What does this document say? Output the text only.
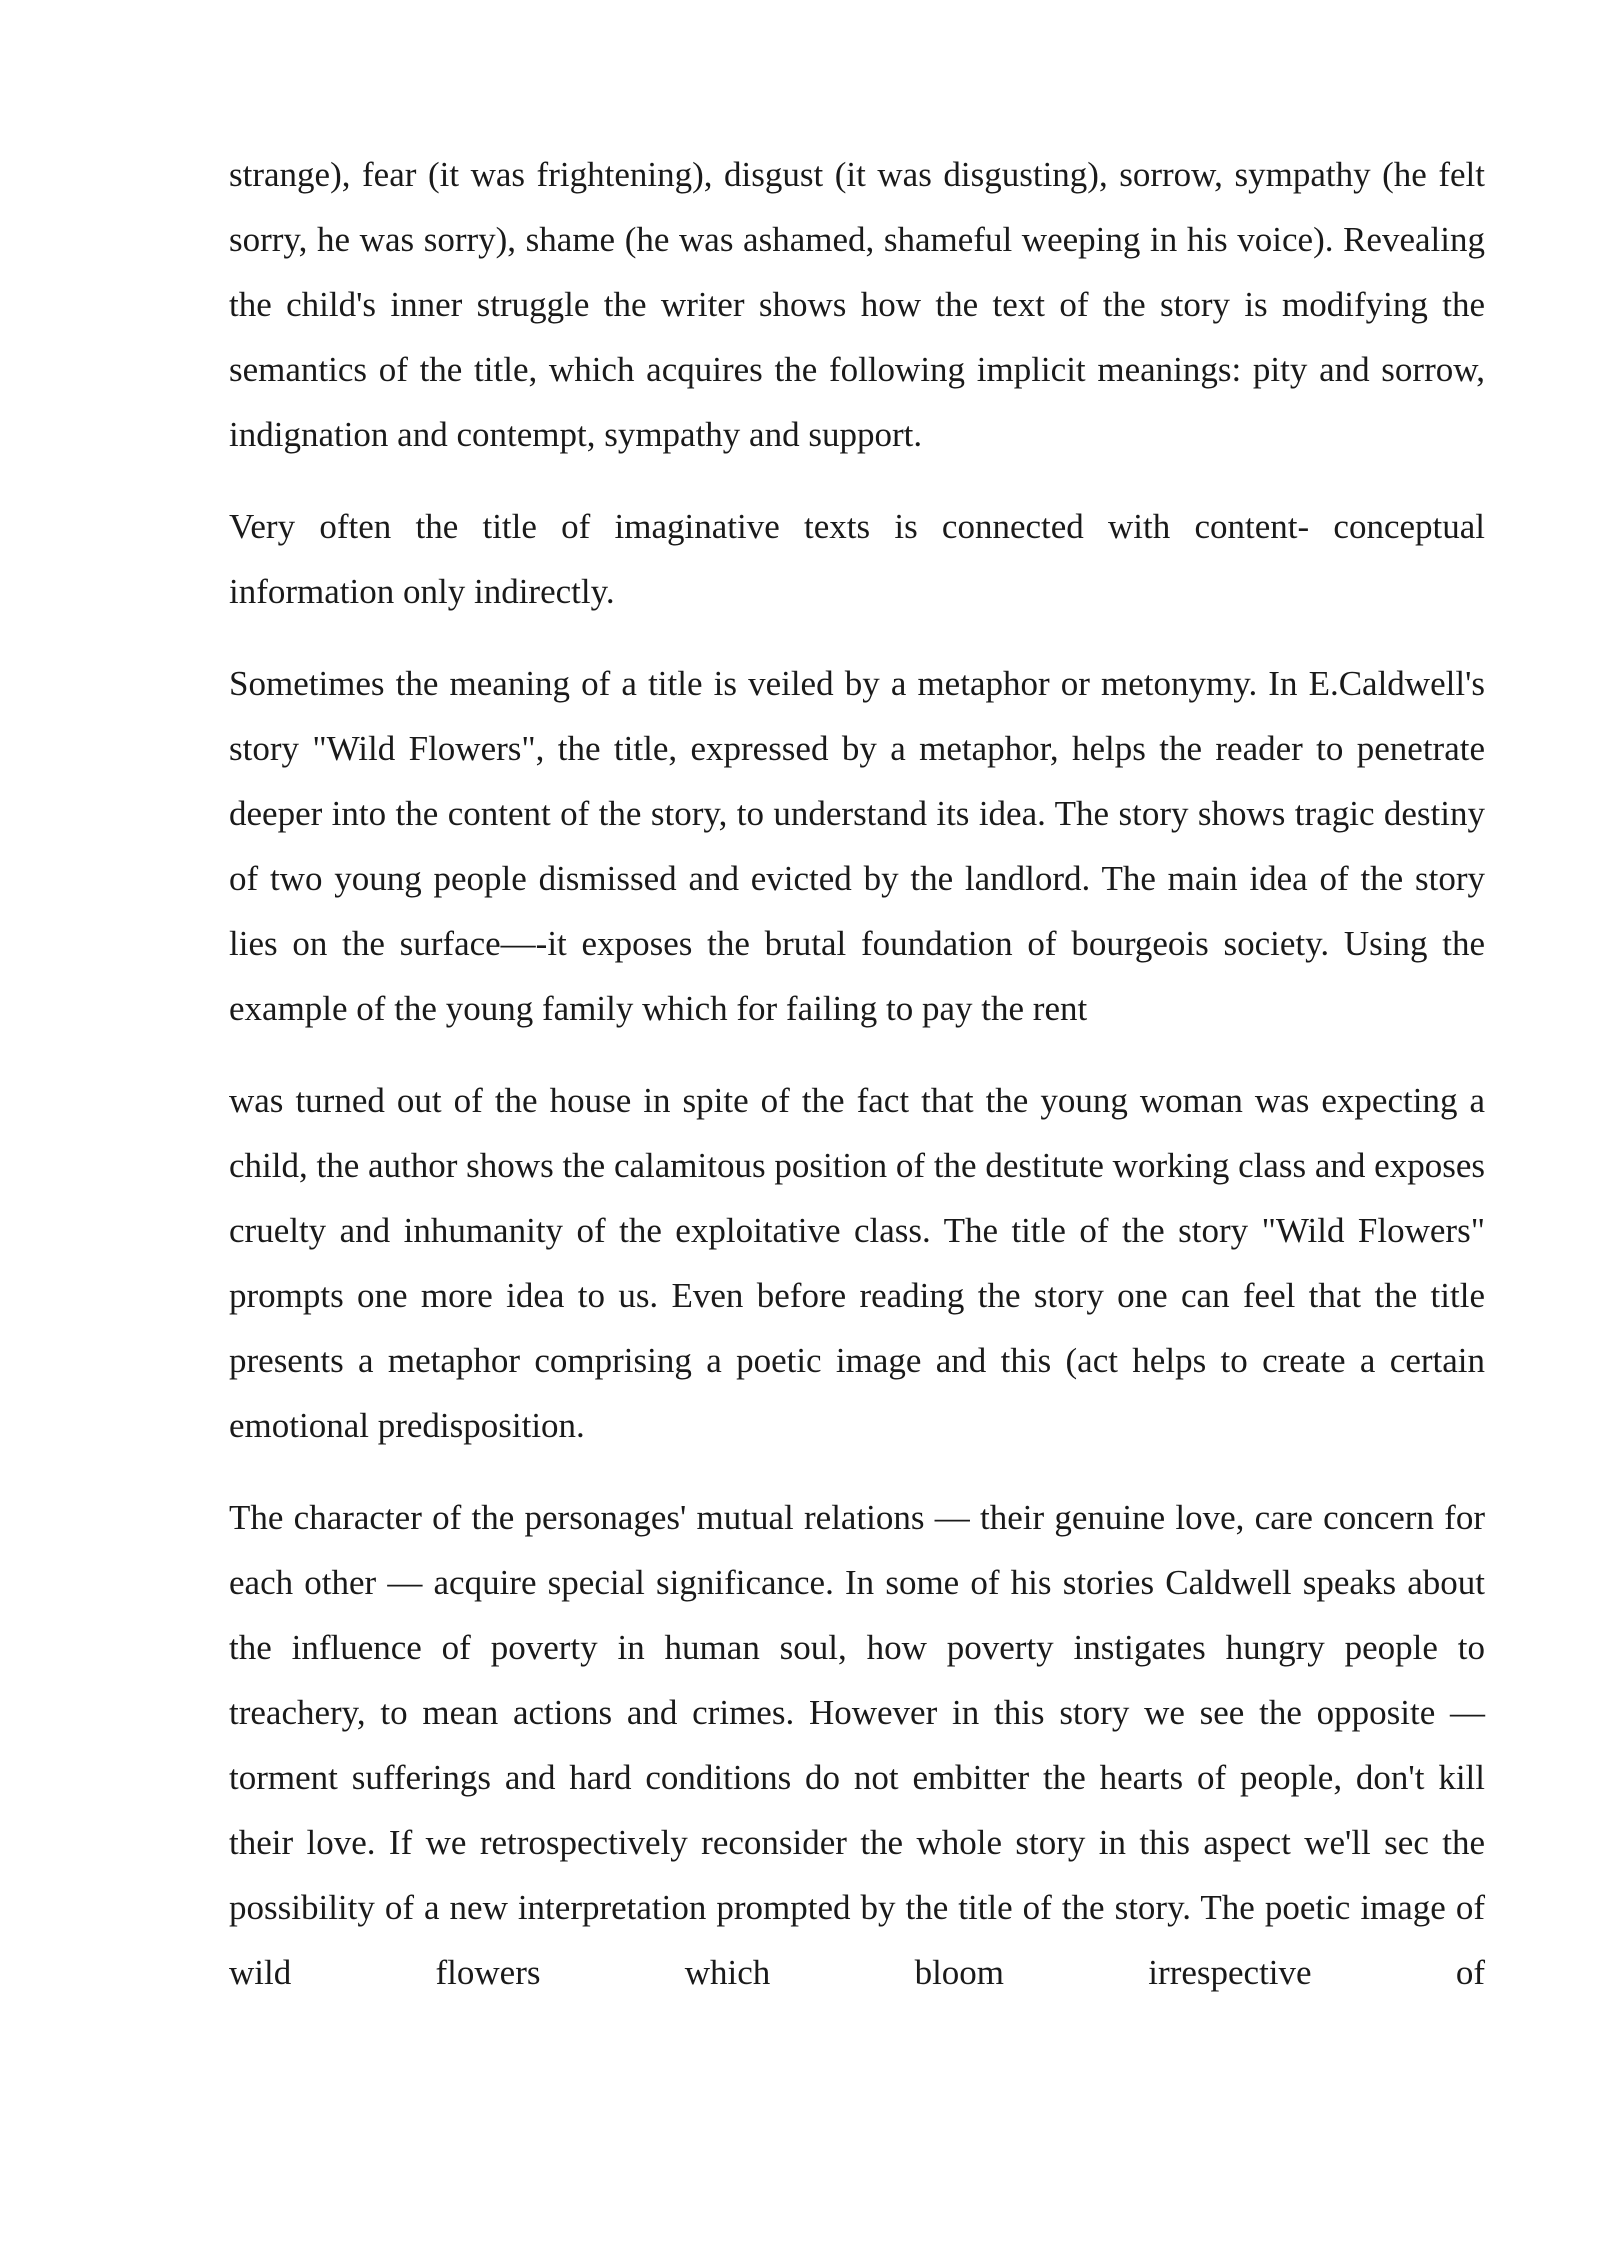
strange), fear (it was frightening), disgust (it was disgusting), sorrow, sympathy (he felt sorry, he was sorry), shame (he was ashamed, shameful weeping in his voice). Revealing the child's inner struggle the writer shows how the text of the story is modifying the semantics of the title, which acquires the following implicit meanings: pity and sorrow, indignation and contempt, sympathy and support.

Very often the title of imaginative texts is connected with content- conceptual information only indirectly.

Sometimes the meaning of a title is veiled by a metaphor or metonymy. In E.Caldwell's story "Wild Flowers", the title, expressed by a metaphor, helps the reader to penetrate deeper into the content of the story, to understand its idea. The story shows tragic destiny of two young people dismissed and evicted by the landlord. The main idea of the story lies on the surface—-it exposes the brutal foundation of bourgeois society. Using the example of the young family which for failing to pay the rent

was turned out of the house in spite of the fact that the young woman was expecting a child, the author shows the calamitous position of the destitute working class and exposes cruelty and inhumanity of the exploitative class. The title of the story "Wild Flowers" prompts one more idea to us. Even before reading the story one can feel that the title presents a metaphor comprising a poetic image and this (act helps to create a certain emotional predisposition.

The character of the personages' mutual relations — their genuine love, care concern for each other — acquire special significance. In some of his stories Caldwell speaks about the influence of poverty in human soul, how poverty instigates hungry people to treachery, to mean actions and crimes. However in this story we see the opposite —torment sufferings and hard conditions do not embitter the hearts of people, don't kill their love. If we retrospectively reconsider the whole story in this aspect we'll sec the possibility of a new interpretation prompted by the title of the story. The poetic image of wild flowers which bloom irrespective of
